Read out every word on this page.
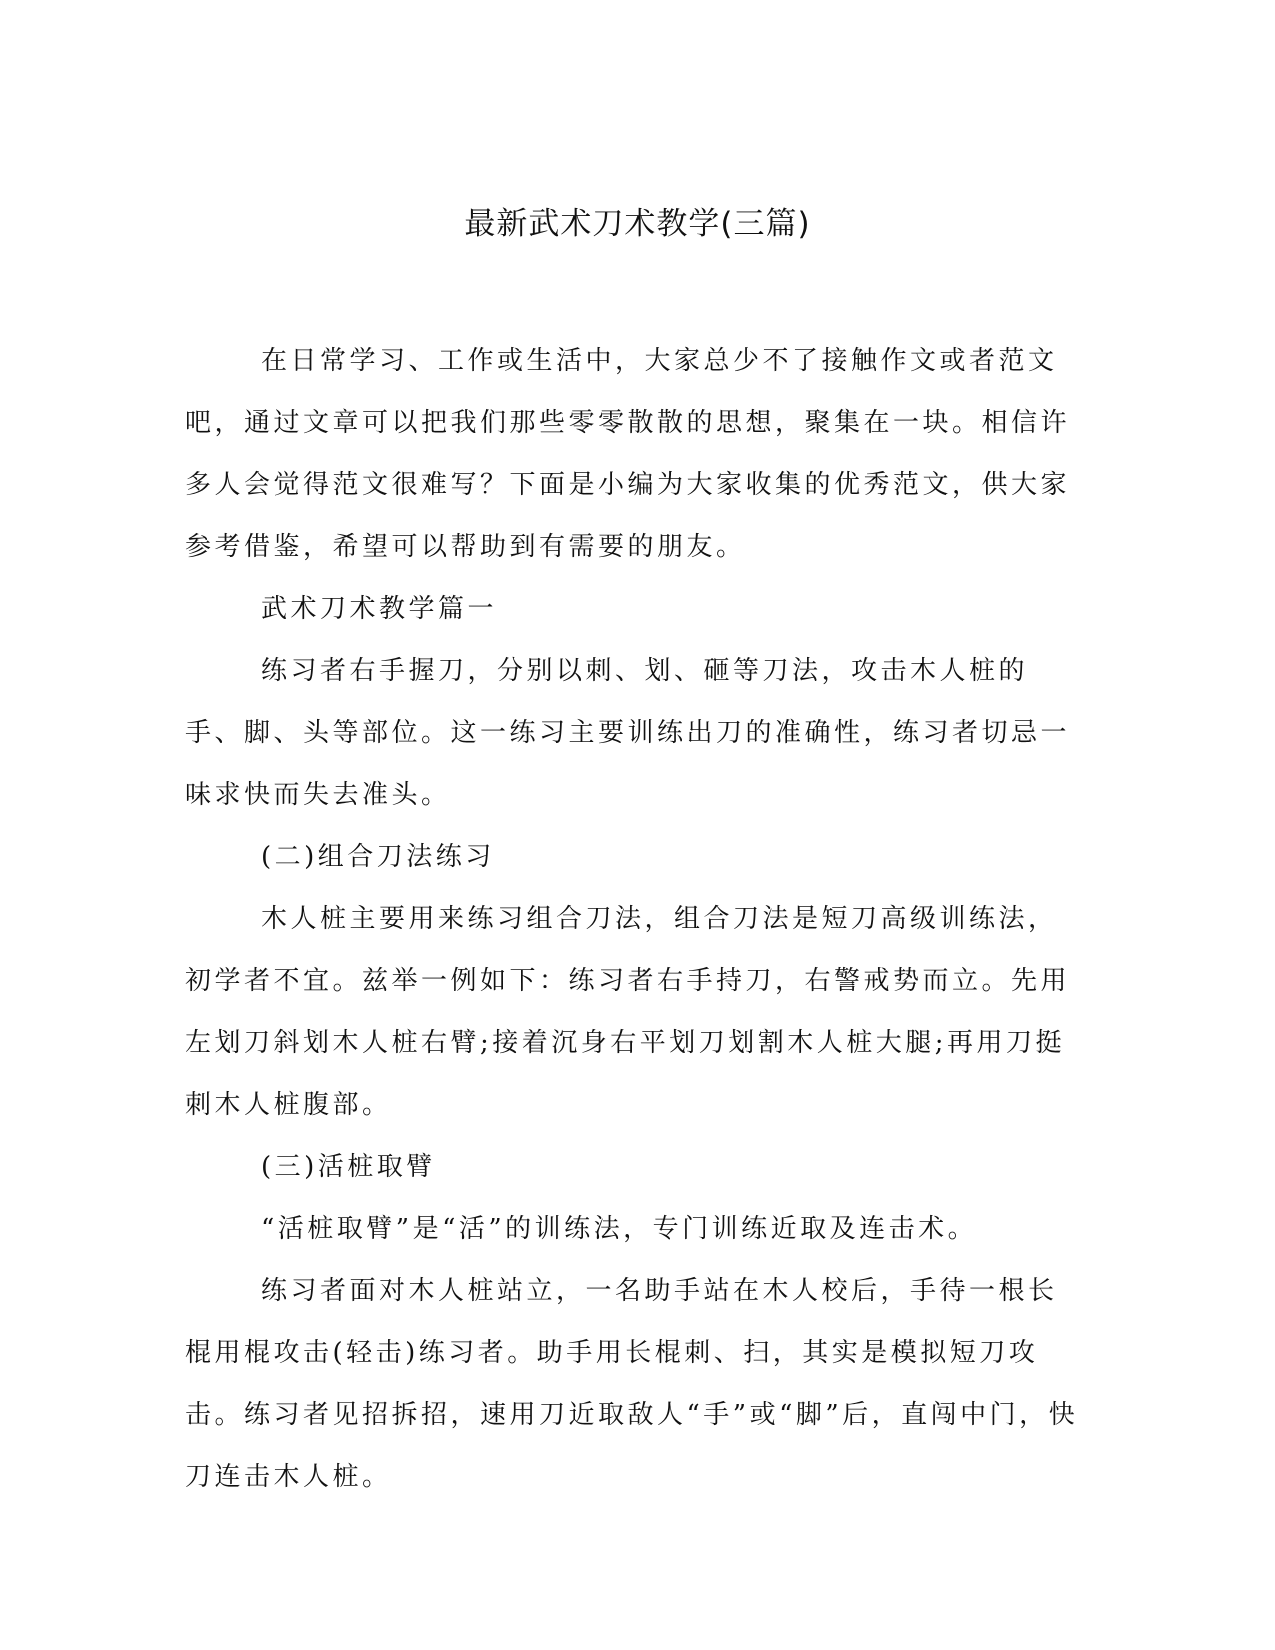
最新武术刀术教学(三篇)

在日常学习、工作或生活中，大家总少不了接触作文或者范文吧，通过文章可以把我们那些零零散散的思想，聚集在一块。相信许多人会觉得范文很难写？下面是小编为大家收集的优秀范文，供大家参考借鉴，希望可以帮助到有需要的朋友。

武术刀术教学篇一

练习者右手握刀，分别以刺、划、砸等刀法，攻击木人桩的手、脚、头等部位。这一练习主要训练出刀的准确性，练习者切忌一味求快而失去准头。

(二)组合刀法练习

木人桩主要用来练习组合刀法，组合刀法是短刀高级训练法，初学者不宜。兹举一例如下：练习者右手持刀，右警戒势而立。先用左划刀斜划木人桩右臂;接着沉身右平划刀划割木人桩大腿;再用刀挺刺木人桩腹部。

(三)活桩取臂

“活桩取臂”是“活”的训练法，专门训练近取及连击术。

练习者面对木人桩站立，一名助手站在木人校后，手待一根长棍用棍攻击(轻击)练习者。助手用长棍刺、扫，其实是模拟短刀攻击。练习者见招拆招，速用刀近取敌人“手”或“脚”后，直闯中门，快刀连击木人桩。
